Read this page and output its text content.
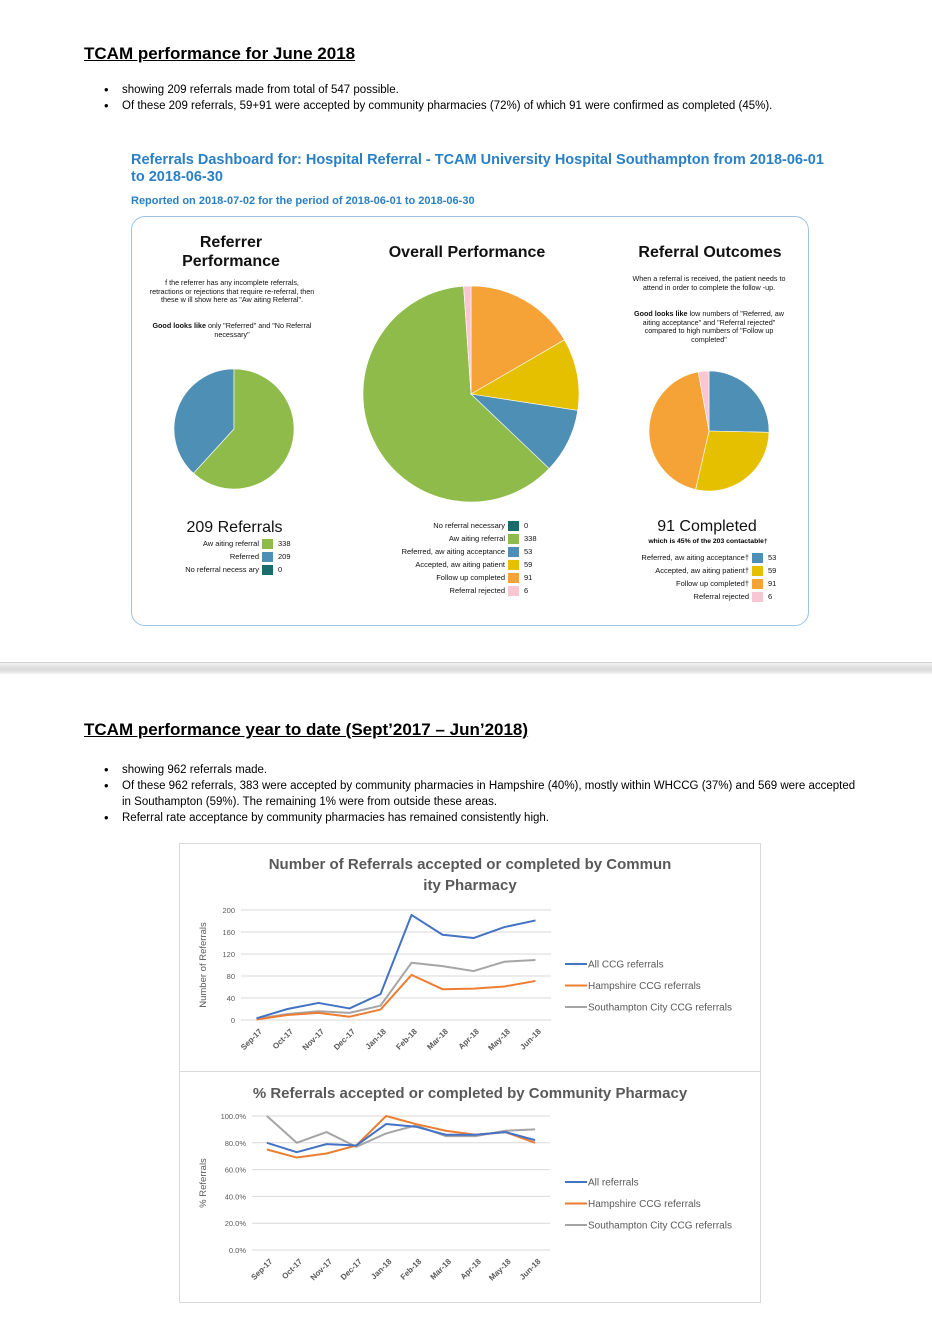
TCAM performance for June 2018
• showing 209 referrals made from total of 547 possible.
• Of these 209 referrals, 59+91 were accepted by community pharmacies (72%) of which 91 were confirmed as completed (45%).
Referrals Dashboard for: Hospital Referral - TCAM University Hospital Southampton from 2018-06-01 to 2018-06-30
Reported on 2018-07-02 for the period of 2018-06-01 to 2018-06-30
Referrer Performance
f the referrer has any incomplete referrals, retractions or rejections that require re-referral, then these w ill show here as "Aw aiting Referral".
Good looks like only "Referred" and "No Referral necessary"
209 Referrals
Aw aiting referral	338
Referred	209
No referral necess ary	0
Overall Performance
No referral necessary	0
Aw aiting referral	338
Referred, aw aiting acceptance	53
Accepted, aw aiting patient	59
Follow up completed	91
Referral rejected	6
Referral Outcomes
When a referral is received, the patient needs to attend in order to complete the follow -up.
Good looks like low numbers of "Referred, aw aiting acceptance" and "Referral rejected" compared to high numbers of "Follow up completed"
91 Completed
which is 45% of the 203 contactable†
Referred, aw aiting acceptance†	53
Accepted, aw aiting patient†	59
Follow up completed†	91
Referral rejected	6
TCAM performance year to date (Sept’2017 – Jun’2018)
• showing 962 referrals made.
• Of these 962 referrals, 383 were accepted by community pharmacies in Hampshire (40%), mostly within WHCCG (37%) and 569 were accepted in Southampton (59%). The remaining 1% were from outside these areas.
• Referral rate acceptance by community pharmacies has remained consistently high.
Number of Referrals accepted or completed by Commun
ity Pharmacy
0
40
80
120
160
200
Number of Referrals
Sep-17 Oct-17 Nov-17 Dec-17 Jan-18 Feb-18 Mar-18 Apr-18 May-18 Jun-18
All CCG referrals
Hampshire CCG referrals
Southampton City CCG referrals
% Referrals accepted or completed by Community Pharmacy
0.0%
20.0%
40.0%
60.0%
80.0%
100.0%
% Referrals
Sep-17 Oct-17 Nov-17 Dec-17 Jan-18 Feb-18 Mar-18 Apr-18 May-18 Jun-18
All referrals
Hampshire CCG referrals
Southampton City CCG referrals
